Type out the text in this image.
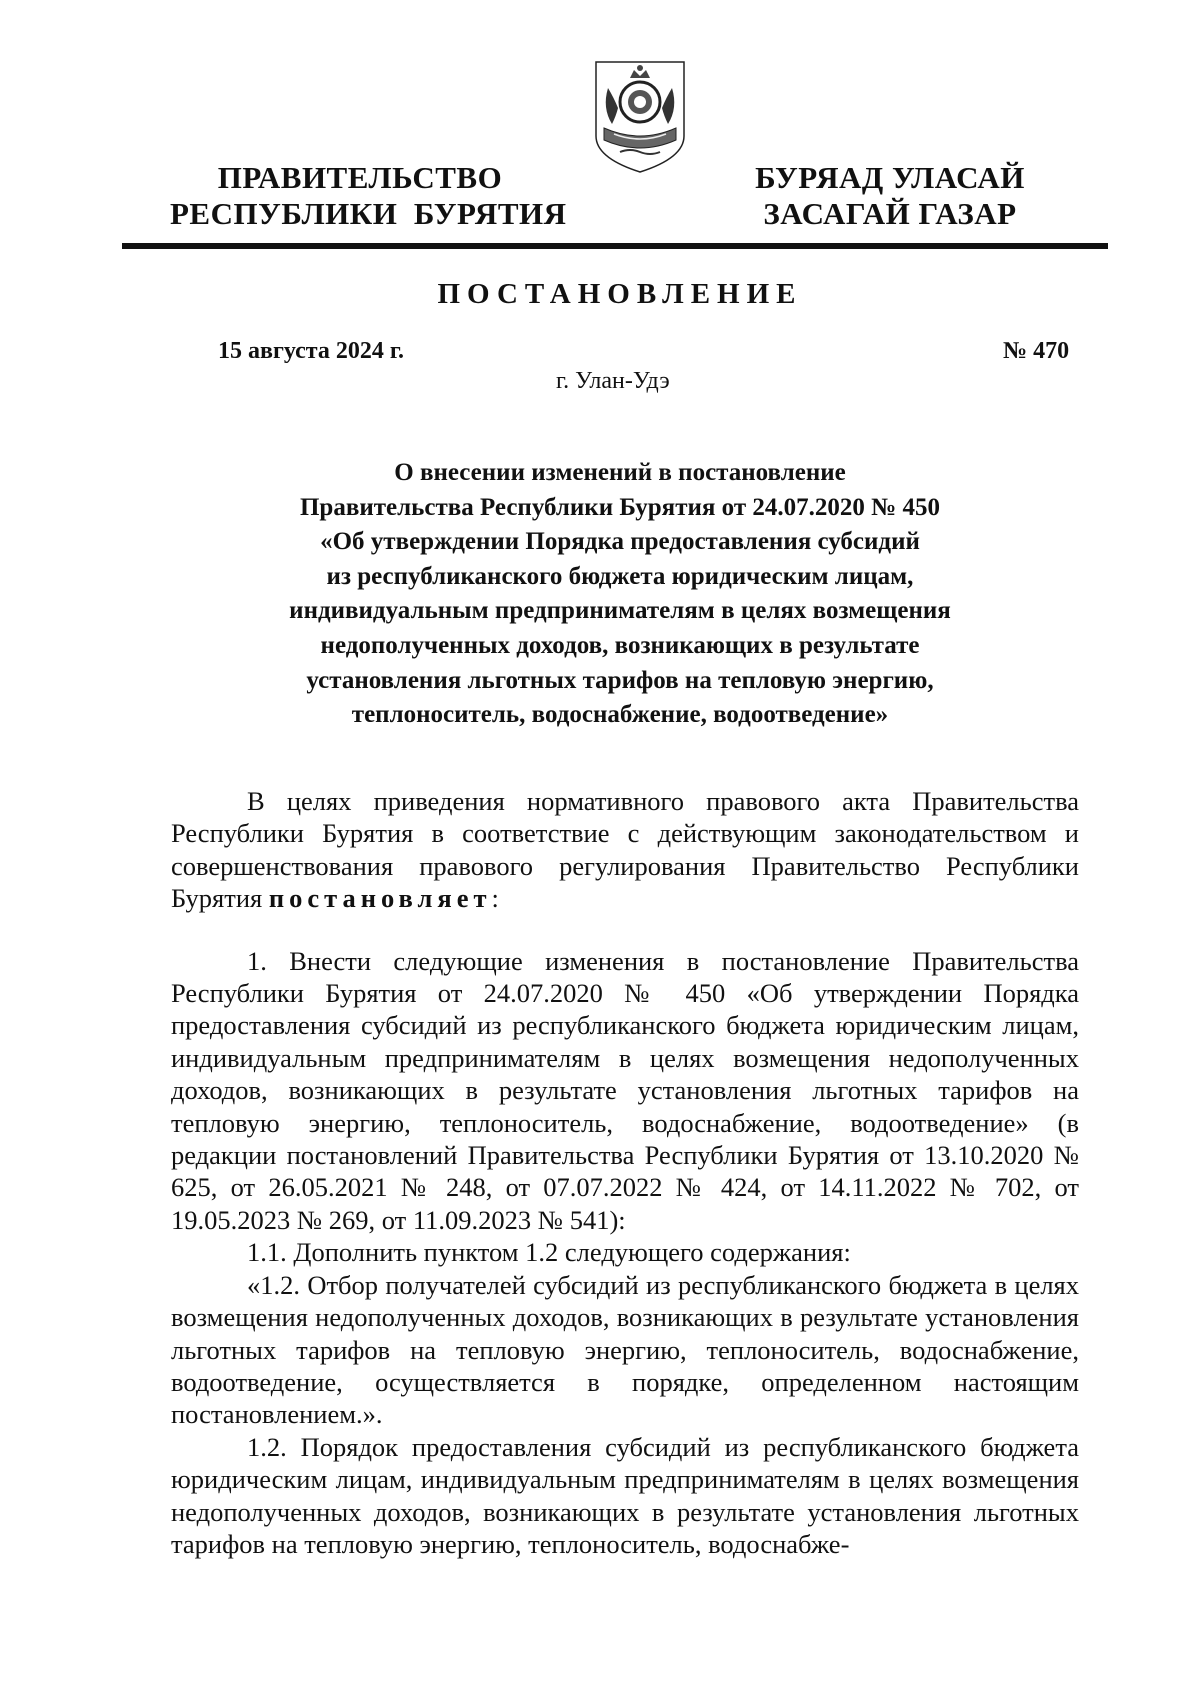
ПРАВИТЕЛЬСТВО
РЕСПУБЛИКИ  БУРЯТИЯ
БУРЯАД УЛАСАЙ
ЗАСАГАЙ ГАЗАР
ПОСТАНОВЛЕНИЕ
15 августа 2024 г.	№ 470
г. Улан-Удэ
О внесении изменений в постановление
Правительства Республики Бурятия от 24.07.2020 № 450
«Об утверждении Порядка предоставления субсидий
из республиканского бюджета юридическим лицам,
индивидуальным предпринимателям в целях возмещения
недополученных доходов, возникающих в результате
установления льготных тарифов на тепловую энергию,
теплоноситель, водоснабжение, водоотведение»

В целях приведения нормативного правового акта Правительства Республики Бурятия в соответствие с действующим законодательством и совершенствования правового регулирования Правительство Республики Бурятия постановляет:

1. Внести следующие изменения в постановление Правительства Республики Бурятия от 24.07.2020 № 450 «Об утверждении Порядка предоставления субсидий из республиканского бюджета юридическим лицам, индивидуальным предпринимателям в целях возмещения недополученных доходов, возникающих в результате установления льготных тарифов на тепловую энергию, теплоноситель, водоснабжение, водоотведение» (в редакции постановлений Правительства Республики Бурятия от 13.10.2020 № 625, от 26.05.2021 № 248, от 07.07.2022 № 424, от 14.11.2022 № 702, от 19.05.2023 № 269, от 11.09.2023 № 541):

1.1. Дополнить пунктом 1.2 следующего содержания:

«1.2. Отбор получателей субсидий из республиканского бюджета в целях возмещения недополученных доходов, возникающих в результате установления льготных тарифов на тепловую энергию, теплоноситель, водоснабжение, водоотведение, осуществляется в порядке, определенном настоящим постановлением.».

1.2. Порядок предоставления субсидий из республиканского бюджета юридическим лицам, индивидуальным предпринимателям в целях возмещения недополученных доходов, возникающих в результате установления льготных тарифов на тепловую энергию, теплоноситель, водоснабже-
